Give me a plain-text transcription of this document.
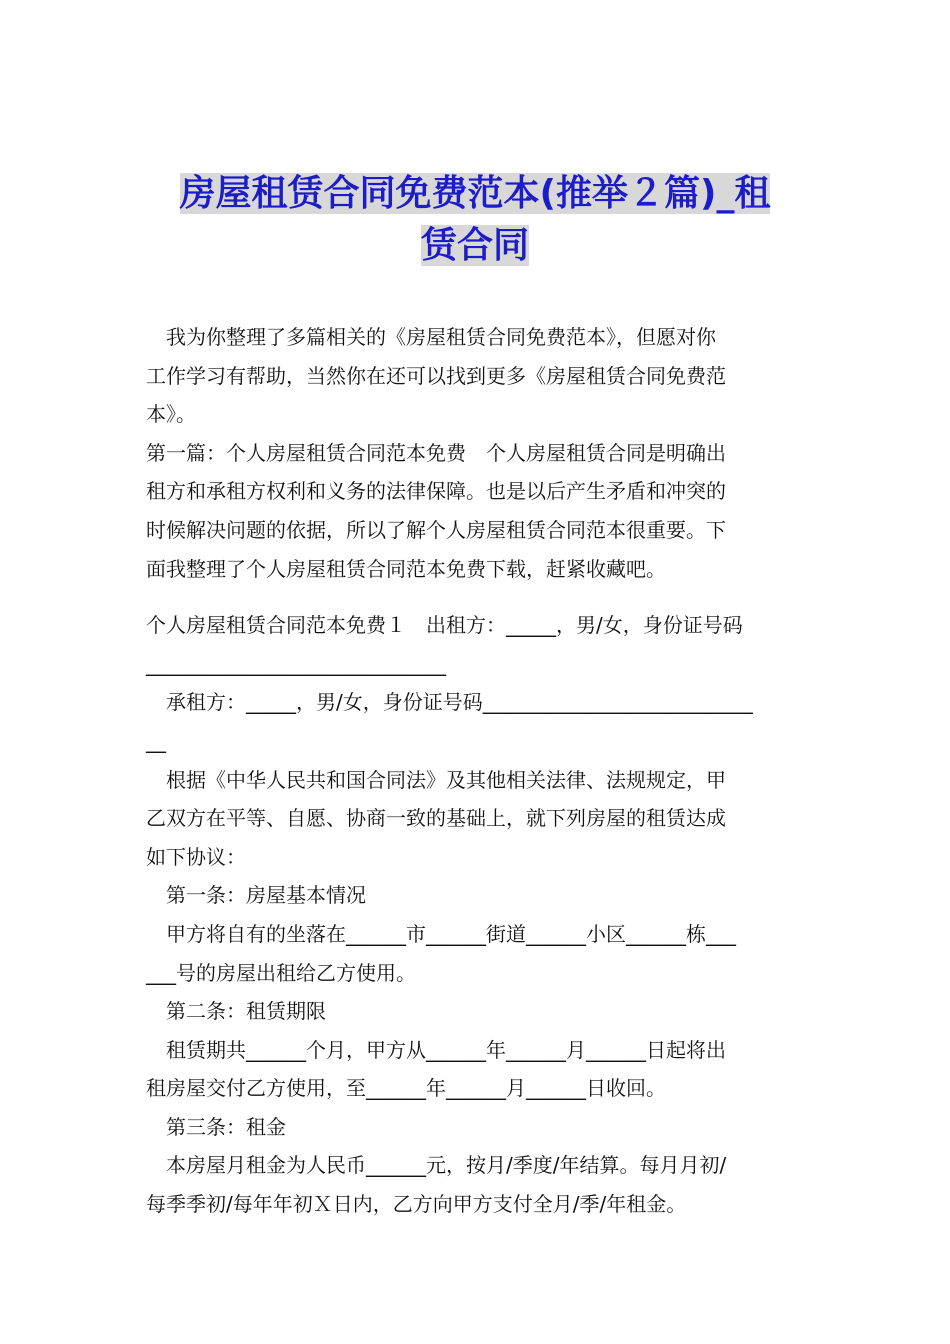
房屋租赁合同免费范本(推举２篇)_租
赁合同

　我为你整理了多篇相关的《房屋租赁合同免费范本》，但愿对你

工作学习有帮助，当然你在还可以找到更多《房屋租赁合同免费范

本》。

第一篇：个人房屋租赁合同范本免费　个人房屋租赁合同是明确出

租方和承租方权利和义务的法律保障。也是以后产生矛盾和冲突的

时候解决问题的依据，所以了解个人房屋租赁合同范本很重要。下

面我整理了个人房屋租赁合同范本免费下载，赶紧收藏吧。

个人房屋租赁合同范本免费１　出租方：_____，男/女，身份证号码

______________________________

　承租方：_____，男/女，身份证号码___________________________

__

　根据《中华人民共和国合同法》及其他相关法律、法规规定，甲

乙双方在平等、自愿、协商一致的基础上，就下列房屋的租赁达成

如下协议：

　第一条：房屋基本情况

　甲方将自有的坐落在______市______街道______小区______栋___

___号的房屋出租给乙方使用。

　第二条：租赁期限

　租赁期共______个月，甲方从______年______月______日起将出

租房屋交付乙方使用，至______年______月______日收回。

　第三条：租金

　本房屋月租金为人民币______元，按月/季度/年结算。每月月初/

每季季初/每年年初Ｘ日内，乙方向甲方支付全月/季/年租金。
